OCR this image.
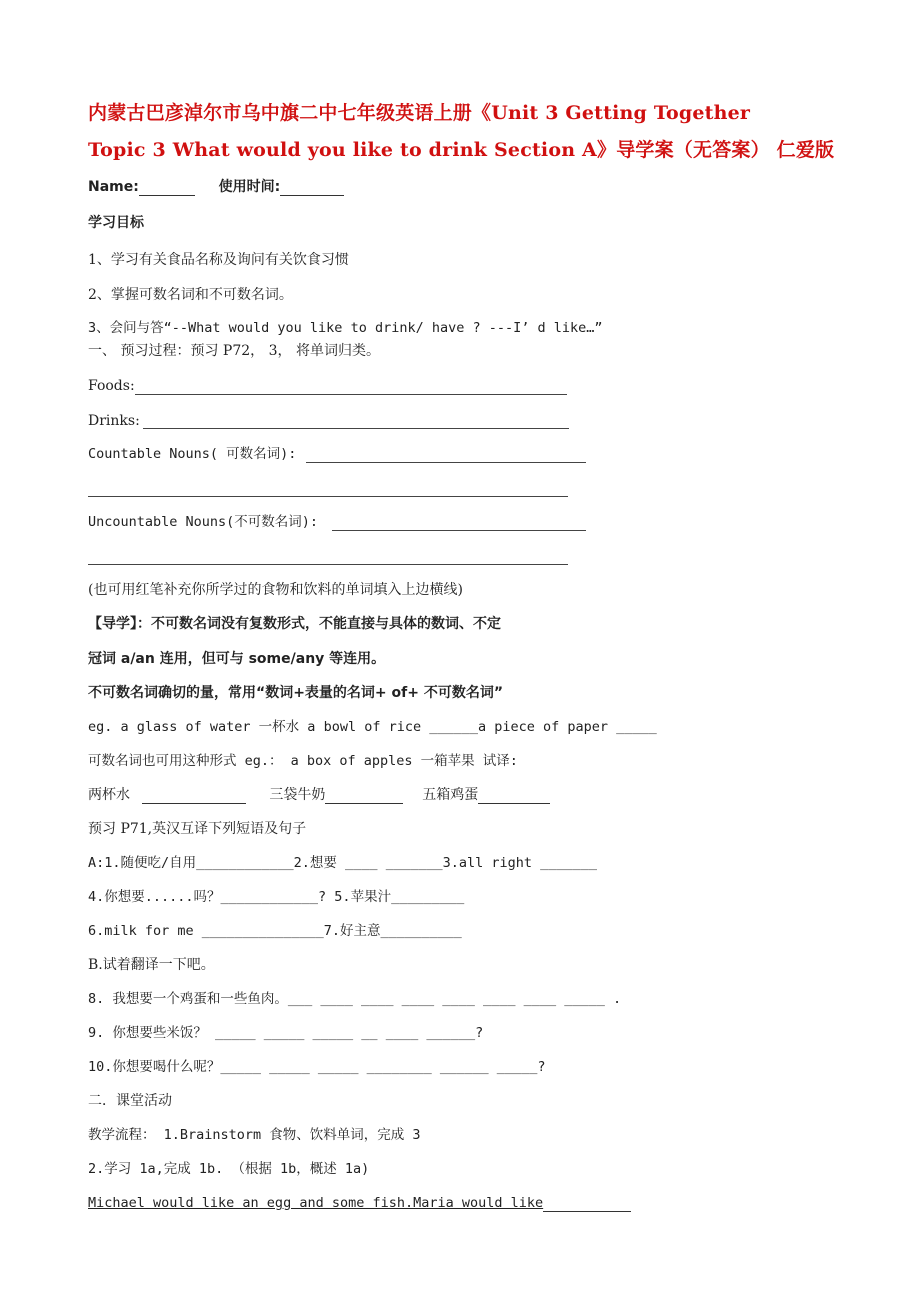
内蒙古巴彦淖尔市乌中旗二中七年级英语上册《Unit 3 Getting Together
Topic 3 What would you like to drink Section A》导学案（无答案） 仁爱版
Name:	使用时间:
学习目标
1、学习有关食品名称及询问有关饮食习惯
2、掌握可数名词和不可数名词。
3、会问与答“--What would you like to drink/ have ? ---I’ d like…”
一、 预习过程：预习 P72， 3， 将单词归类。
Foods:
Drinks:
Countable Nouns( 可数名词):
Uncountable Nouns(不可数名词):
(也可用红笔补充你所学过的食物和饮料的单词填入上边横线)
【导学】：不可数名词没有复数形式，不能直接与具体的数词、不定
冠词 a/an 连用，但可与 some/any 等连用。
不可数名词确切的量，常用“数词+表量的名词+ of+ 不可数名词”
eg. a glass of water 一杯水 a bowl of rice ______a piece of paper _____
可数名词也可用这种形式 eg.： a box of apples 一箱苹果 试译:
两杯水	三袋牛奶	五箱鸡蛋
预习 P71,英汉互译下列短语及句子
A:1.随便吃/自用____________2.想要 ____ _______3.all right _______
4.你想要......吗？____________? 5.苹果汁_________
6.milk for me _______________7.好主意__________
B.试着翻译一下吧。
8. 我想要一个鸡蛋和一些鱼肉。___ ____ ____ ____ ____ ____ ____ _____ .
9. 你想要些米饭？ _____ _____ _____ __ ____ ______?
10.你想要喝什么呢？_____ _____ _____ ________ ______ _____?
二．课堂活动
教学流程： 1.Brainstorm 食物、饮料单词，完成 3
2.学习 1a,完成 1b. （根据 1b，概述 1a)
Michael would like an egg and some fish.Maria would like
